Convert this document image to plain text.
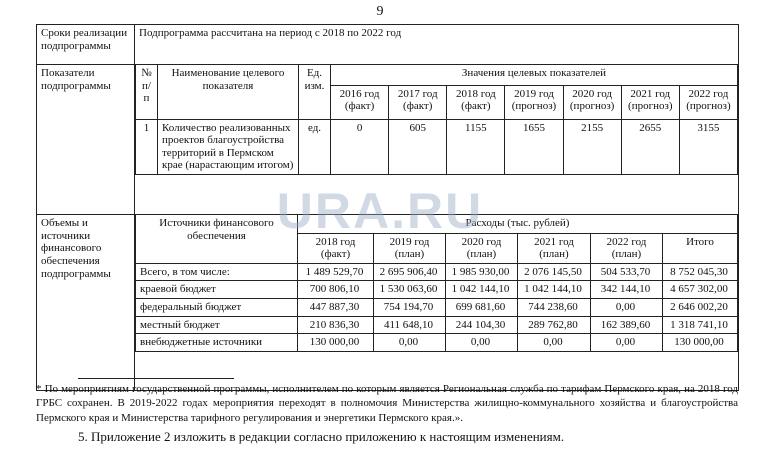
9
Сроки реализации подпрограммы	Подпрограмма рассчитана на период с 2018 по 2022 год
Показатели подпрограммы	
№ п/п	Наименование целевого показателя	Ед. изм.	Значения целевых показателей
2016 год (факт)	2017 год (факт)	2018 год (факт)	2019 год (прогноз)	2020 год (прогноз)	2021 год (прогноз)	2022 год (прогноз)
1	Количество реализованных проектов благоустройства территорий в Пермском крае (нарастающим итогом)	ед.	0	605	1155	1655	2155	2655	3155

Объемы и источники финансового обеспечения подпрограммы	
Источники финансового обеспечения	Расходы (тыс. рублей)
2018 год (факт)	2019 год (план)	2020 год (план)	2021 год (план)	2022 год (план)	Итого
Всего, в том числе:	1 489 529,70	2 695 906,40	1 985 930,00	2 076 145,50	504 533,70	8 752 045,30
краевой бюджет	700 806,10	1 530 063,60	1 042 144,10	1 042 144,10	342 144,10	4 657 302,00
федеральный бюджет	447 887,30	754 194,70	699 681,60	744 238,60	0,00	2 646 002,20
местный бюджет	210 836,30	411 648,10	244 104,30	289 762,80	162 389,60	1 318 741,10
внебюджетные источники	130 000,00	0,00	0,00	0,00	0,00	130 000,00
URA.RU

* По мероприятиям государственной программы, исполнителем по которым является Региональная служба по тарифам Пермского края, на 2018 год ГРБС сохранен. В 2019-2022 годах мероприятия переходят в полномочия Министерства жилищно-коммунального хозяйства и благоустройства Пермского края и Министерства тарифного регулирования и энергетики Пермского края.».

5. Приложение 2 изложить в редакции согласно приложению к настоящим изменениям.
